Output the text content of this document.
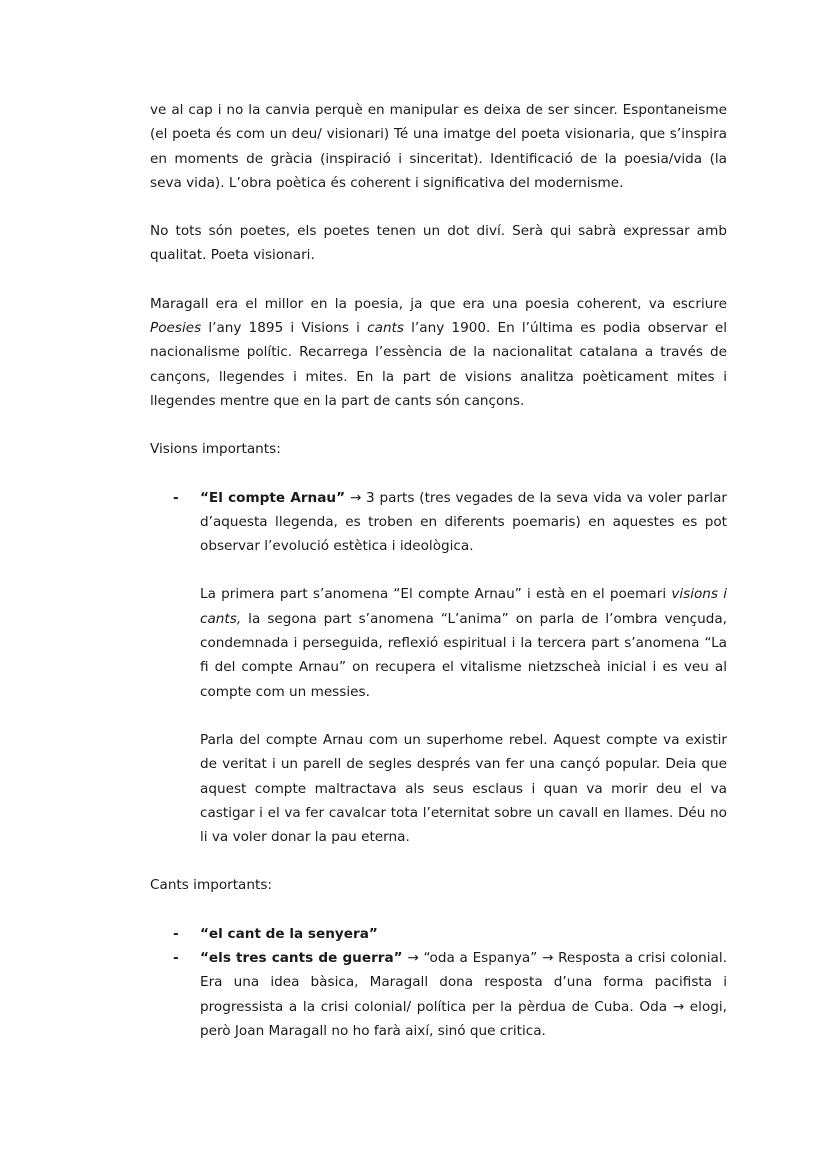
ve al cap i no la canvia perquè en manipular es deixa de ser sincer. Espontaneisme (el poeta és com un deu/ visionari) Té una imatge del poeta visionaria, que s’inspira en moments de gràcia (inspiració i sinceritat). Identificació de la poesia/vida (la seva vida). L’obra poètica és coherent i significativa del modernisme.

No tots són poetes, els poetes tenen un dot diví. Serà qui sabrà expressar amb qualitat. Poeta visionari.

Maragall era el millor en la poesia, ja que era una poesia coherent, va escriure Poesies l’any 1895 i Visions i cants l’any 1900. En l’última es podia observar el nacionalisme polític. Recarrega l’essència de la nacionalitat catalana a través de cançons, llegendes i mites. En la part de visions analitza poèticament mites i llegendes mentre que en la part de cants són cançons.

Visions importants:

- “El compte Arnau” → 3 parts (tres vegades de la seva vida va voler parlar d’aquesta llegenda, es troben en diferents poemaris) en aquestes es pot observar l’evolució estètica i ideològica.

La primera part s’anomena “El compte Arnau” i està en el poemari visions i cants, la segona part s’anomena “L’anima” on parla de l’ombra vençuda, condemnada i perseguida, reflexió espiritual i la tercera part s’anomena “La fi del compte Arnau” on recupera el vitalisme nietzscheà inicial i es veu al compte com un messies.

Parla del compte Arnau com un superhome rebel. Aquest compte va existir de veritat i un parell de segles després van fer una cançó popular. Deia que aquest compte maltractava als seus esclaus i quan va morir deu el va castigar i el va fer cavalcar tota l’eternitat sobre un cavall en llames. Déu no li va voler donar la pau eterna.

Cants importants:

- “el cant de la senyera”

- “els tres cants de guerra” → “oda a Espanya” → Resposta a crisi colonial. Era una idea bàsica, Maragall dona resposta d’una forma pacifista i progressista a la crisi colonial/ política per la pèrdua de Cuba. Oda → elogi, però Joan Maragall no ho farà així, sinó que critica.
